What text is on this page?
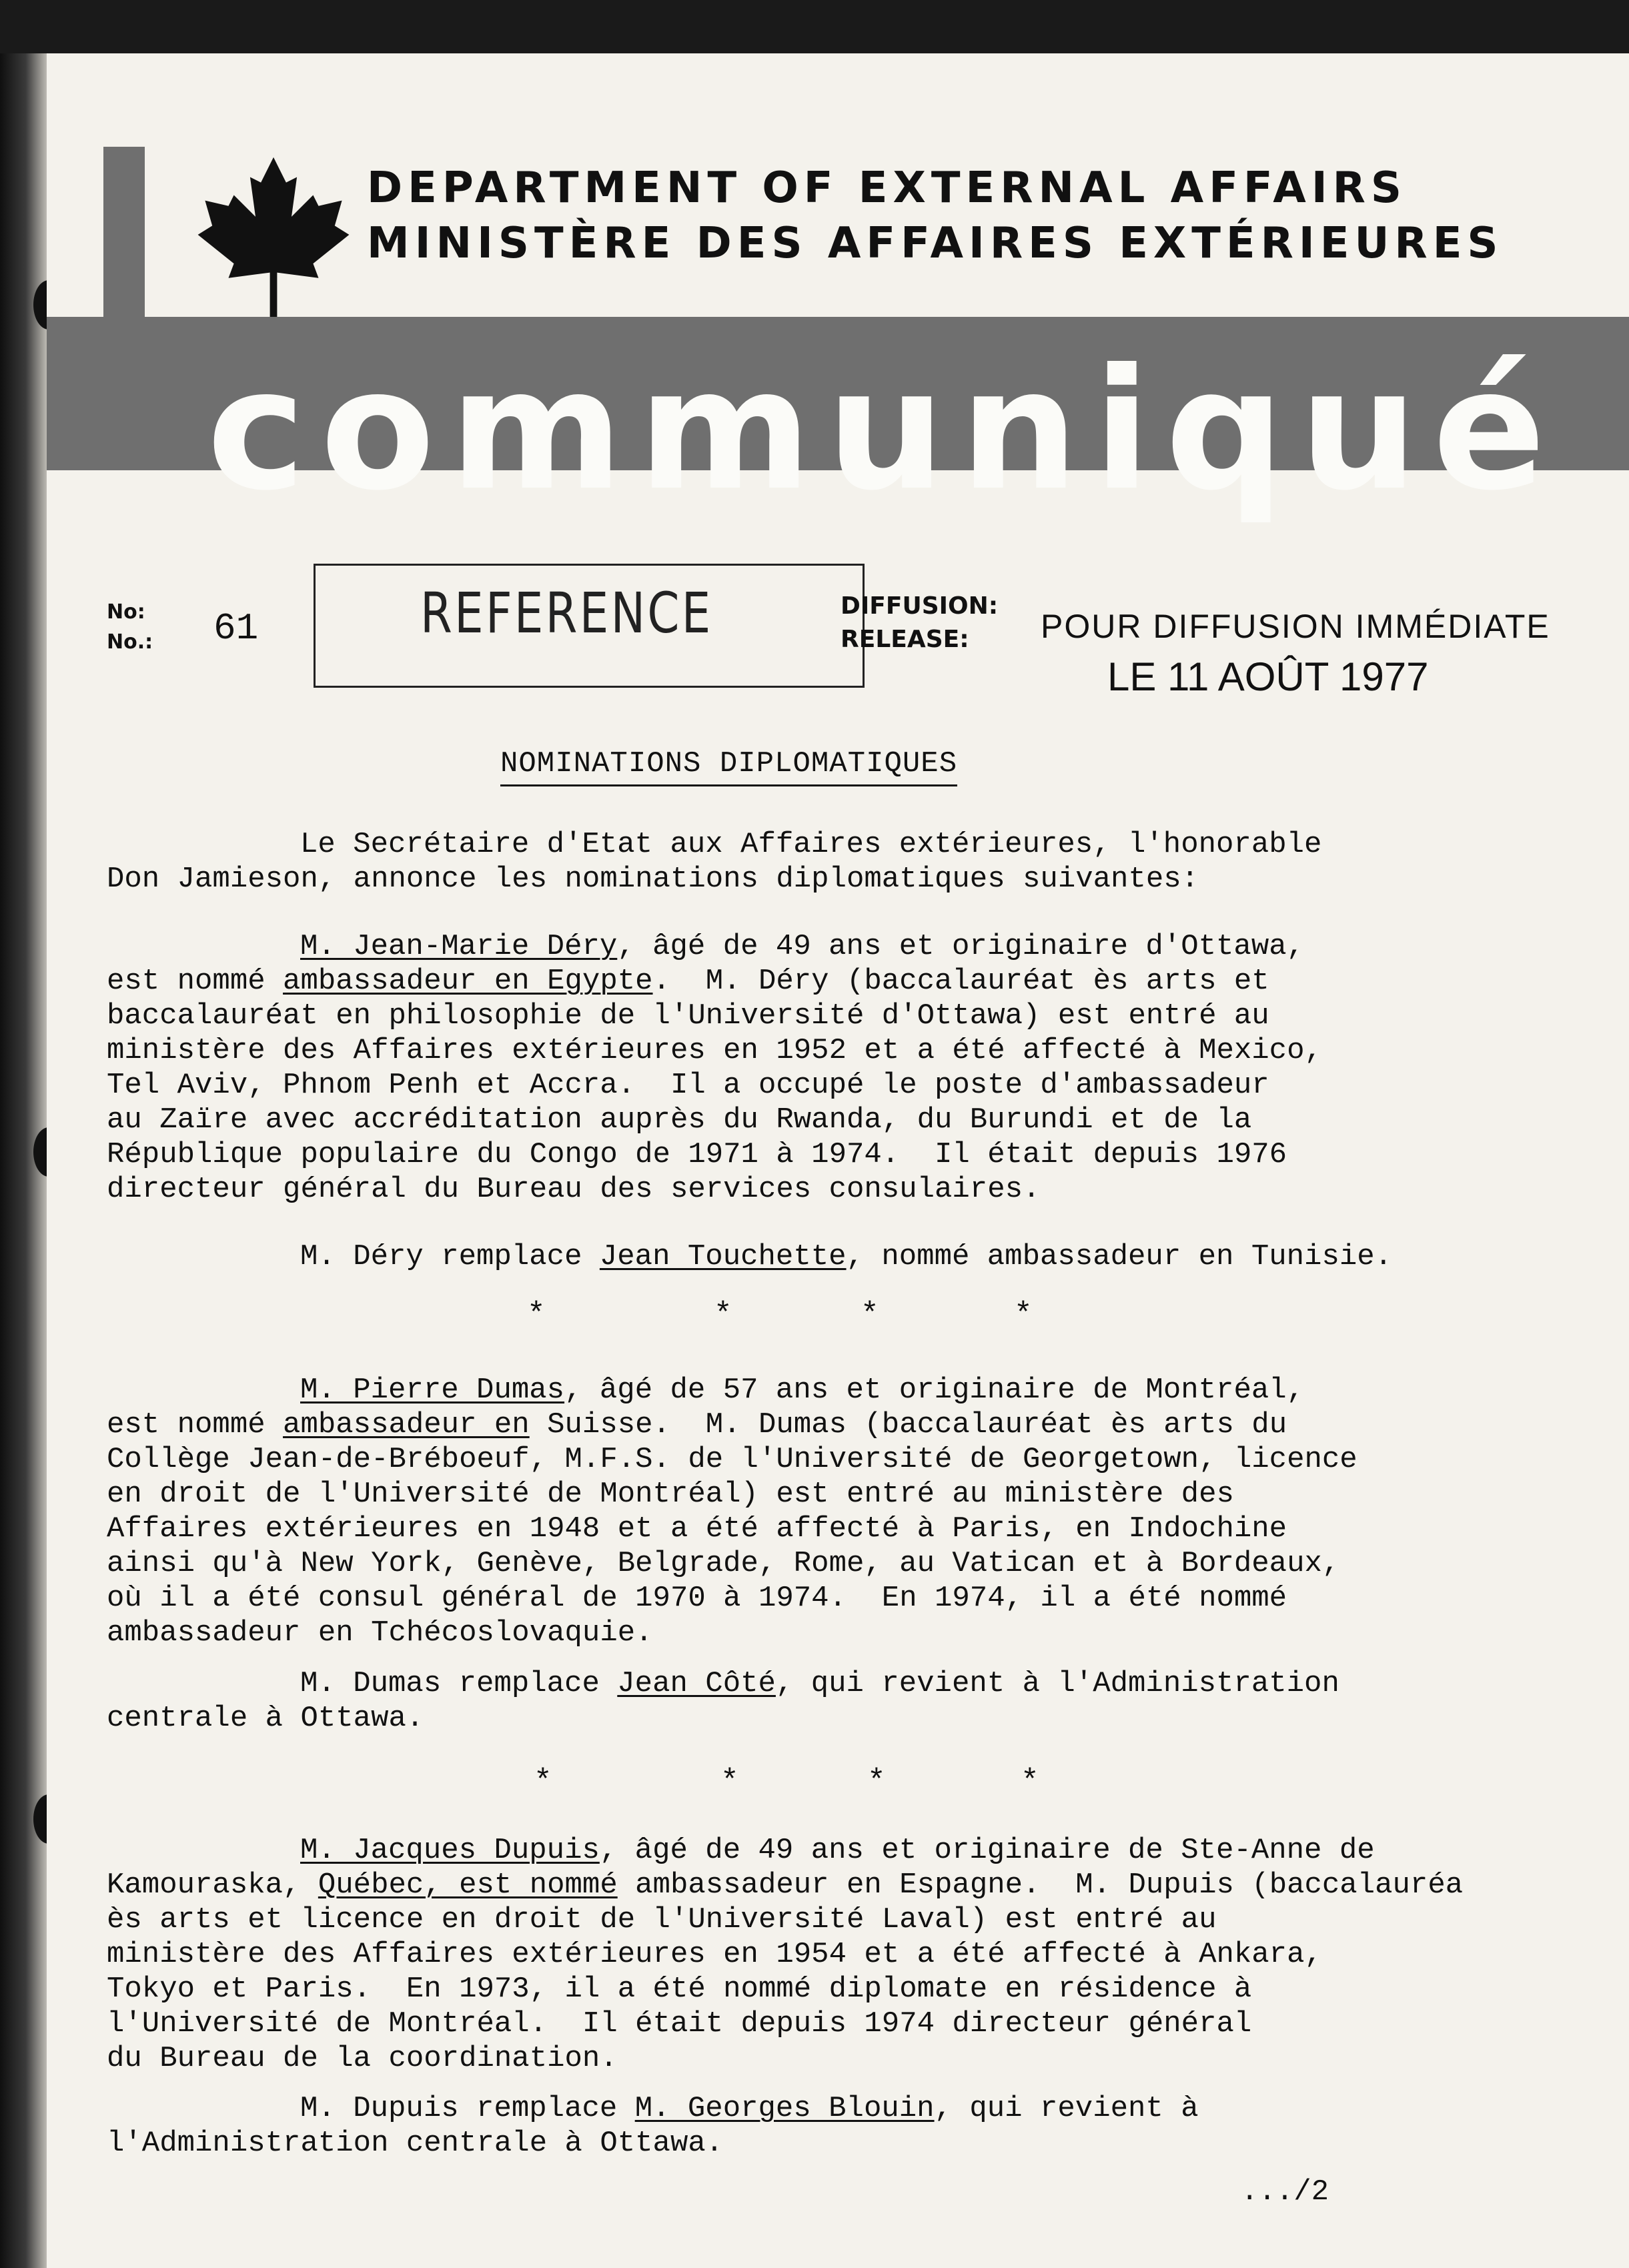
DEPARTMENT OF EXTERNAL AFFAIRS
MINISTÈRE DES AFFAIRES EXTÉRIEURES
communiqué
No:
No.: 61	REFERENCE	DIFFUSION:
RELEASE: POUR DIFFUSION IMMÉDIATE
LE 11 AOÛT 1977
NOMINATIONS DIPLOMATIQUES
Le Secrétaire d'Etat aux Affaires extérieures, l'honorable
Don Jamieson, annonce les nominations diplomatiques suivantes:
M. Jean-Marie Déry, âgé de 49 ans et originaire d'Ottawa,
est nommé ambassadeur en Egypte.  M. Déry (baccalauréat ès arts et
baccalauréat en philosophie de l'Université d'Ottawa) est entré au
ministère des Affaires extérieures en 1952 et a été affecté à Mexico,
Tel Aviv, Phnom Penh et Accra.  Il a occupé le poste d'ambassadeur
au Zaïre avec accréditation auprès du Rwanda, du Burundi et de la
République populaire du Congo de 1971 à 1974.  Il était depuis 1976
directeur général du Bureau des services consulaires.
M. Déry remplace Jean Touchette, nommé ambassadeur en Tunisie.
*	*	*	*
M. Pierre Dumas, âgé de 57 ans et originaire de Montréal,
est nommé ambassadeur en Suisse.  M. Dumas (baccalauréat ès arts du
Collège Jean-de-Bréboeuf, M.F.S. de l'Université de Georgetown, licence
en droit de l'Université de Montréal) est entré au ministère des
Affaires extérieures en 1948 et a été affecté à Paris, en Indochine
ainsi qu'à New York, Genève, Belgrade, Rome, au Vatican et à Bordeaux,
où il a été consul général de 1970 à 1974.  En 1974, il a été nommé
ambassadeur en Tchécoslovaquie.
M. Dumas remplace Jean Côté, qui revient à l'Administration
centrale à Ottawa.
*	*	*	*
M. Jacques Dupuis, âgé de 49 ans et originaire de Ste-Anne de
Kamouraska, Québec, est nommé ambassadeur en Espagne.  M. Dupuis (baccalauréa
ès arts et licence en droit de l'Université Laval) est entré au
ministère des Affaires extérieures en 1954 et a été affecté à Ankara,
Tokyo et Paris.  En 1973, il a été nommé diplomate en résidence à
l'Université de Montréal.  Il était depuis 1974 directeur général
du Bureau de la coordination.
M. Dupuis remplace M. Georges Blouin, qui revient à
l'Administration centrale à Ottawa.
.../2
